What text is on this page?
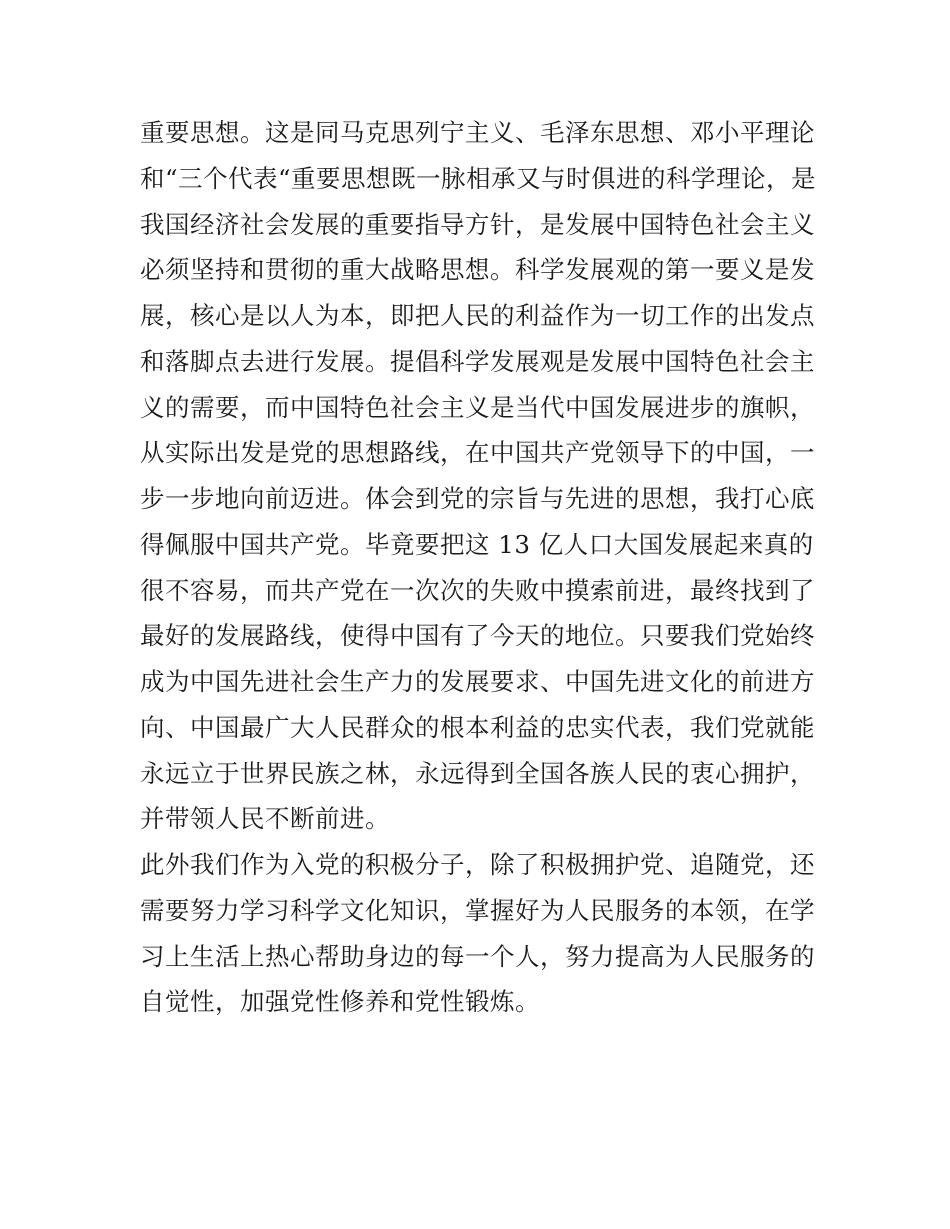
重要思想。这是同马克思列宁主义、毛泽东思想、邓小平理论
和“三个代表“重要思想既一脉相承又与时俱进的科学理论，是
我国经济社会发展的重要指导方针，是发展中国特色社会主义
必须坚持和贯彻的重大战略思想。科学发展观的第一要义是发
展，核心是以人为本，即把人民的利益作为一切工作的出发点
和落脚点去进行发展。提倡科学发展观是发展中国特色社会主
义的需要，而中国特色社会主义是当代中国发展进步的旗帜，
从实际出发是党的思想路线，在中国共产党领导下的中国，一
步一步地向前迈进。体会到党的宗旨与先进的思想，我打心底
得佩服中国共产党。毕竟要把这 13 亿人口大国发展起来真的
很不容易，而共产党在一次次的失败中摸索前进，最终找到了
最好的发展路线，使得中国有了今天的地位。只要我们党始终
成为中国先进社会生产力的发展要求、中国先进文化的前进方
向、中国最广大人民群众的根本利益的忠实代表，我们党就能
永远立于世界民族之林，永远得到全国各族人民的衷心拥护，
并带领人民不断前进。
此外我们作为入党的积极分子，除了积极拥护党、追随党，还
需要努力学习科学文化知识，掌握好为人民服务的本领，在学
习上生活上热心帮助身边的每一个人，努力提高为人民服务的
自觉性，加强党性修养和党性锻炼。
